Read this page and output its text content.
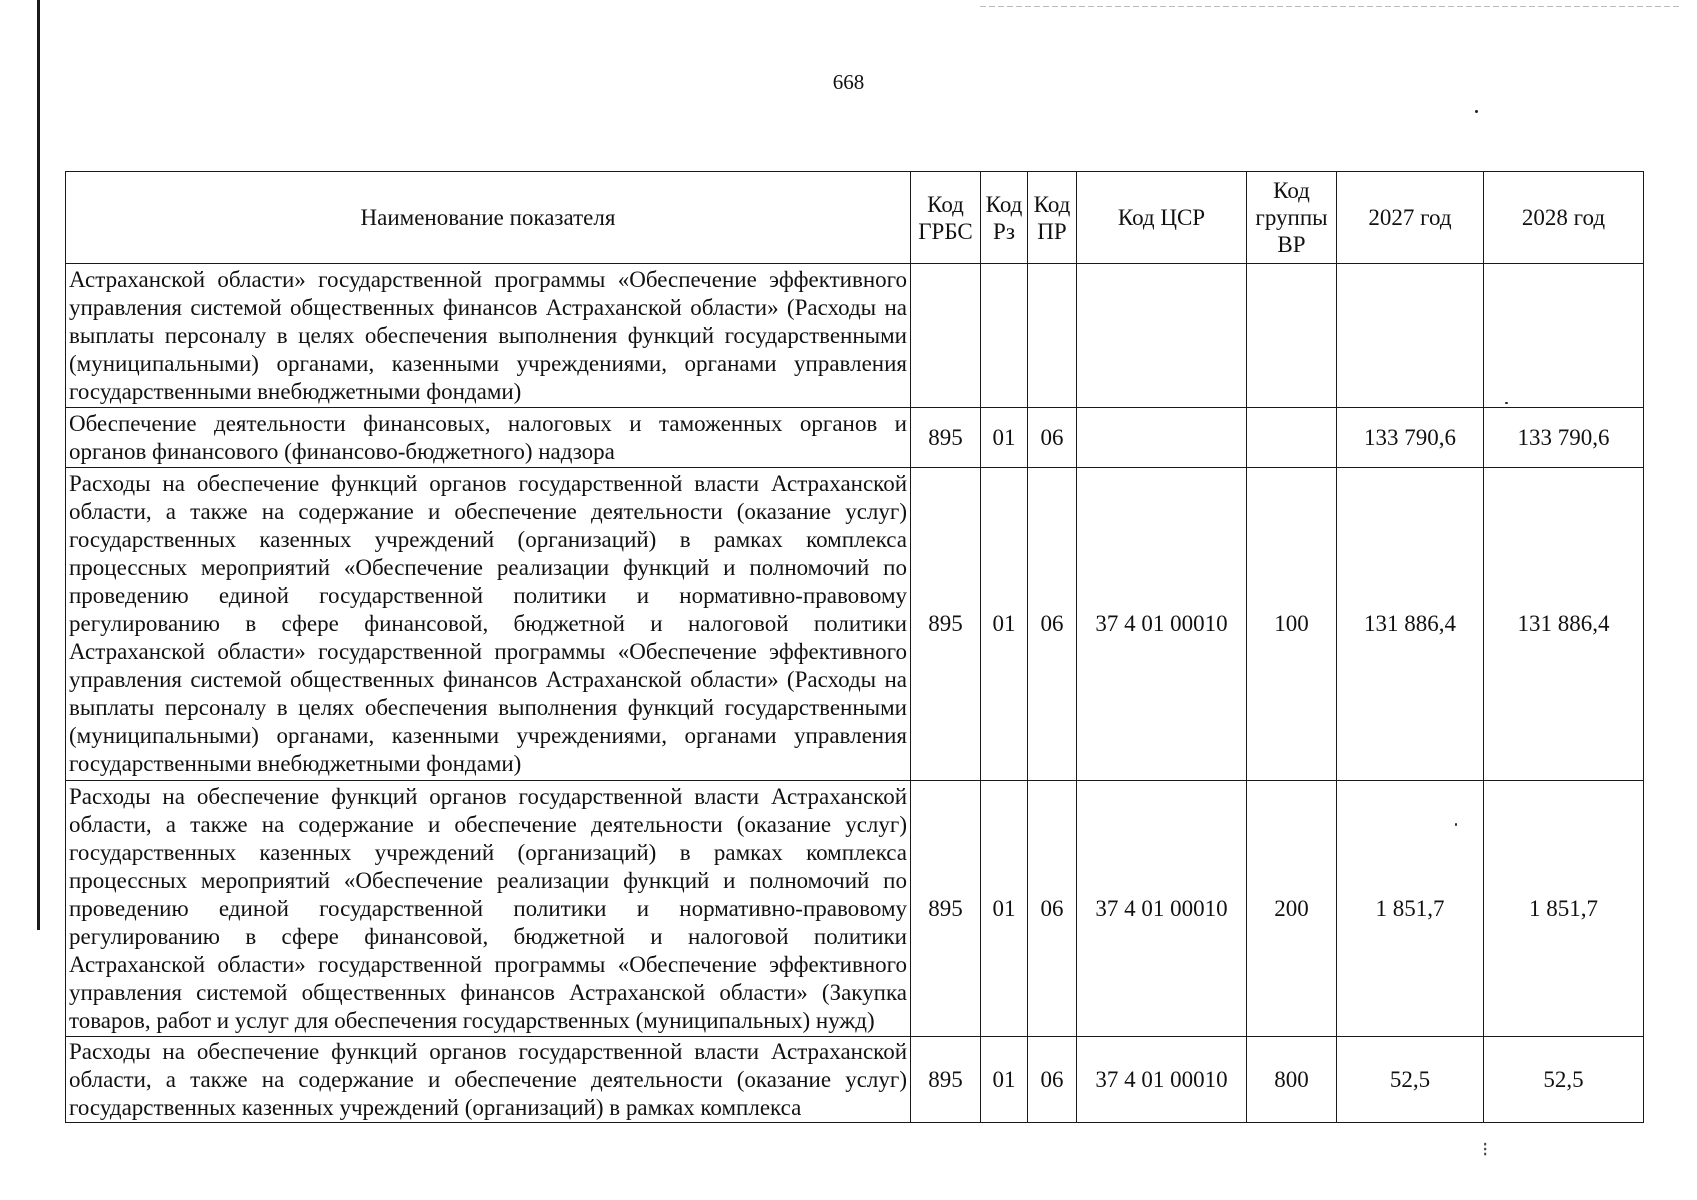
⁝
668
Наименование показателя	Код ГРБС	Код Рз	Код ПР	Код ЦСР	Код группы ВР	2027 год	2028 год
Астраханской области» государственной программы «Обеспечение эффективного управления системой общественных финансов Астраханской области» (Расходы на выплаты персоналу в целях обеспечения выполнения функций государственными (муниципальными) органами, казенными учреждениями, органами управления государственными внебюджетными фондами)							
Обеспечение деятельности финансовых, налоговых и таможенных органов и органов финансового (финансово-бюджетного) надзора	895	01	06			133 790,6	133 790,6
Расходы на обеспечение функций органов государственной власти Астраханской области, а также на содержание и обеспечение деятельности (оказание услуг) государственных казенных учреждений (организаций) в рамках комплекса процессных мероприятий «Обеспечение реализации функций и полномочий по проведению единой государственной политики и нормативно-правовому регулированию в сфере финансовой, бюджетной и налоговой политики Астраханской области» государственной программы «Обеспечение эффективного управления системой общественных финансов Астраханской области» (Расходы на выплаты персоналу в целях обеспечения выполнения функций государственными (муниципальными) органами, казенными учреждениями, органами управления государственными внебюджетными фондами)	895	01	06	37 4 01 00010	100	131 886,4	131 886,4
Расходы на обеспечение функций органов государственной власти Астраханской области, а также на содержание и обеспечение деятельности (оказание услуг) государственных казенных учреждений (организаций) в рамках комплекса процессных мероприятий «Обеспечение реализации функций и полномочий по проведению единой государственной политики и нормативно-правовому регулированию в сфере финансовой, бюджетной и налоговой политики Астраханской области» государственной программы «Обеспечение эффективного управления системой общественных финансов Астраханской области» (Закупка товаров, работ и услуг для обеспечения государственных (муниципальных) нужд)	895	01	06	37 4 01 00010	200	1 851,7	1 851,7
Расходы на обеспечение функций органов государственной власти Астраханской области, а также на содержание и обеспечение деятельности (оказание услуг) государственных казенных учреждений (организаций) в рамках комплекса	895	01	06	37 4 01 00010	800	52,5	52,5
